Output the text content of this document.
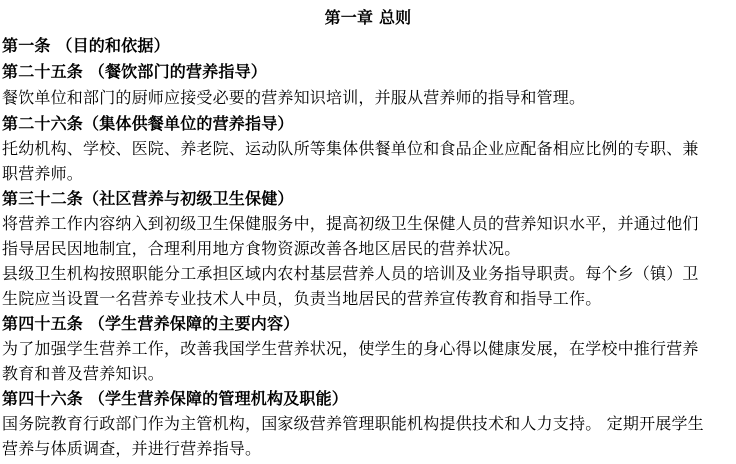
第一章 总则
第一条 （目的和依据）
第二十五条 （餐饮部门的营养指导）
餐饮单位和部门的厨师应接受必要的营养知识培训，并服从营养师的指导和管理。
第二十六条（集体供餐单位的营养指导）
托幼机构、学校、医院、养老院、运动队所等集体供餐单位和食品企业应配备相应比例的专职、兼
职营养师。
第三十二条（社区营养与初级卫生保健）
将营养工作内容纳入到初级卫生保健服务中，提高初级卫生保健人员的营养知识水平，并通过他们
指导居民因地制宜，合理利用地方食物资源改善各地区居民的营养状况。
县级卫生机构按照职能分工承担区域内农村基层营养人员的培训及业务指导职责。每个乡（镇）卫
生院应当设置一名营养专业技术人中员，负责当地居民的营养宣传教育和指导工作。
第四十五条 （学生营养保障的主要内容）
为了加强学生营养工作，改善我国学生营养状况，使学生的身心得以健康发展，在学校中推行营养
教育和普及营养知识。
第四十六条 （学生营养保障的管理机构及职能）
国务院教育行政部门作为主管机构，国家级营养管理职能机构提供技术和人力支持。 定期开展学生
营养与体质调查，并进行营养指导。
